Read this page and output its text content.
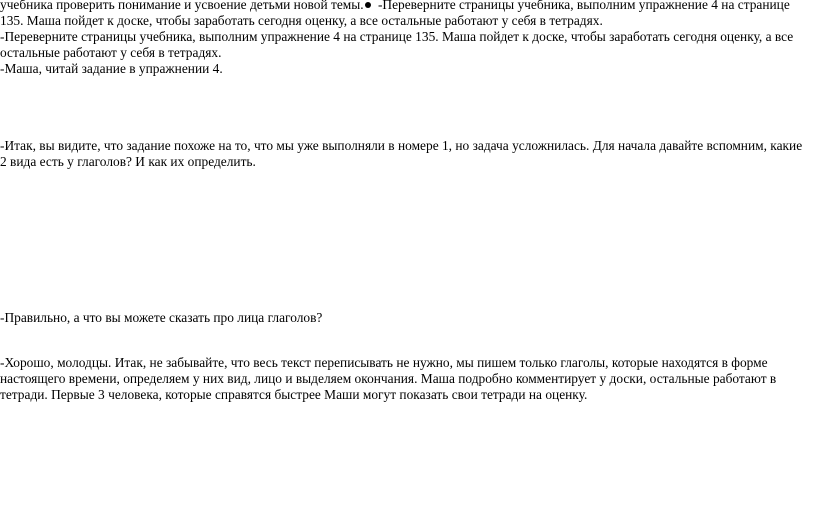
учебника проверить понимание и усвоение детьми новой темы. -Переверните страницы учебника, выполним упражнение 4 на странице 135. Маша пойдет к доске, чтобы заработать сегодня оценку, а все остальные работают у себя в тетрадях.

-Переверните страницы учебника, выполним упражнение 4 на странице 135. Маша пойдет к доске, чтобы заработать сегодня оценку, а все остальные работают у себя в тетрадях.

-Маша, читай задание в упражнении 4.

-Итак, вы видите, что задание похоже на то, что мы уже выполняли в номере 1, но задача усложнилась. Для начала давайте вспомним, какие 2 вида есть у глаголов? И как их определить.

-Правильно, а что вы можете сказать про лица глаголов?

-Хорошо, молодцы. Итак, не забывайте, что весь текст переписывать не нужно, мы пишем только глаголы, которые находятся в форме настоящего времени, определяем у них вид, лицо и выделяем окончания. Маша подробно комментирует у доски, остальные работают в тетради. Первые 3 человека, которые справятся быстрее Маши могут показать свои тетради на оценку.
